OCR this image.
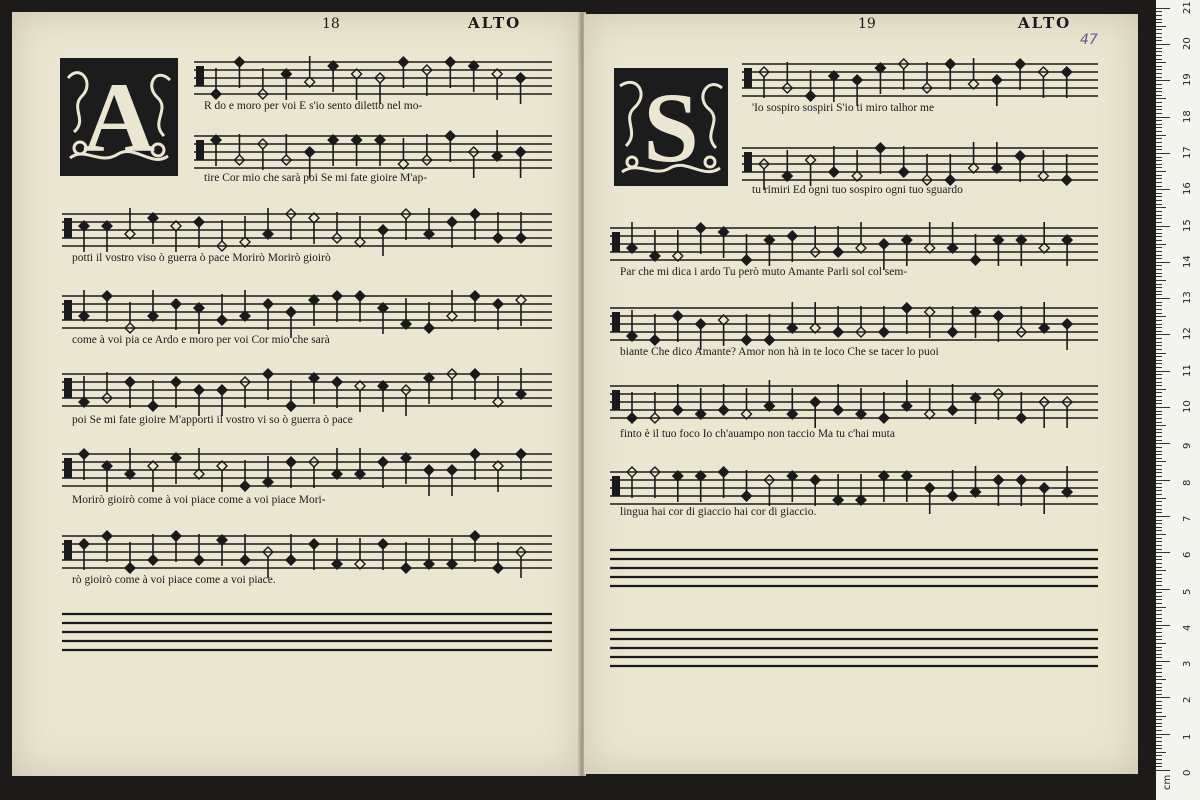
18	ALTO	19	ALTO
47
A	S
R do e moro per voi E s'io sento diletto nel mo-
tire Cor mio che sarà poi Se mi fate gioire M'ap-
potti il vostro viso ò guerra ò pace Morirò Morirò gioirò
come à voi pia ce Ardo e moro per voi Cor mio che sarà
poi Se mi fate gioire M'apporti il vostro vi so ò guerra ò pace
Morirò gioirò come à voi piace come a voi piace Mori-
rò gioirò come à voi piace come a voi piace.
'Io sospiro sospiri S'io ti miro talhor me
tu rimiri Ed ogni tuo sospiro ogni tuo sguardo
Par che mi dica i ardo Tu però muto Amante Parli sol col sem-
biante Che dico Amante? Amor non hà in te loco Che se tacer lo puoi
finto è il tuo foco Io ch'auampo non taccio Ma tu c'hai muta
lingua hai cor di giaccio hai cor di giaccio.
cm
0
1
2
3
4
5
6
7
8
9
10
11
12
13
14
15
16
17
18
19
20
21
